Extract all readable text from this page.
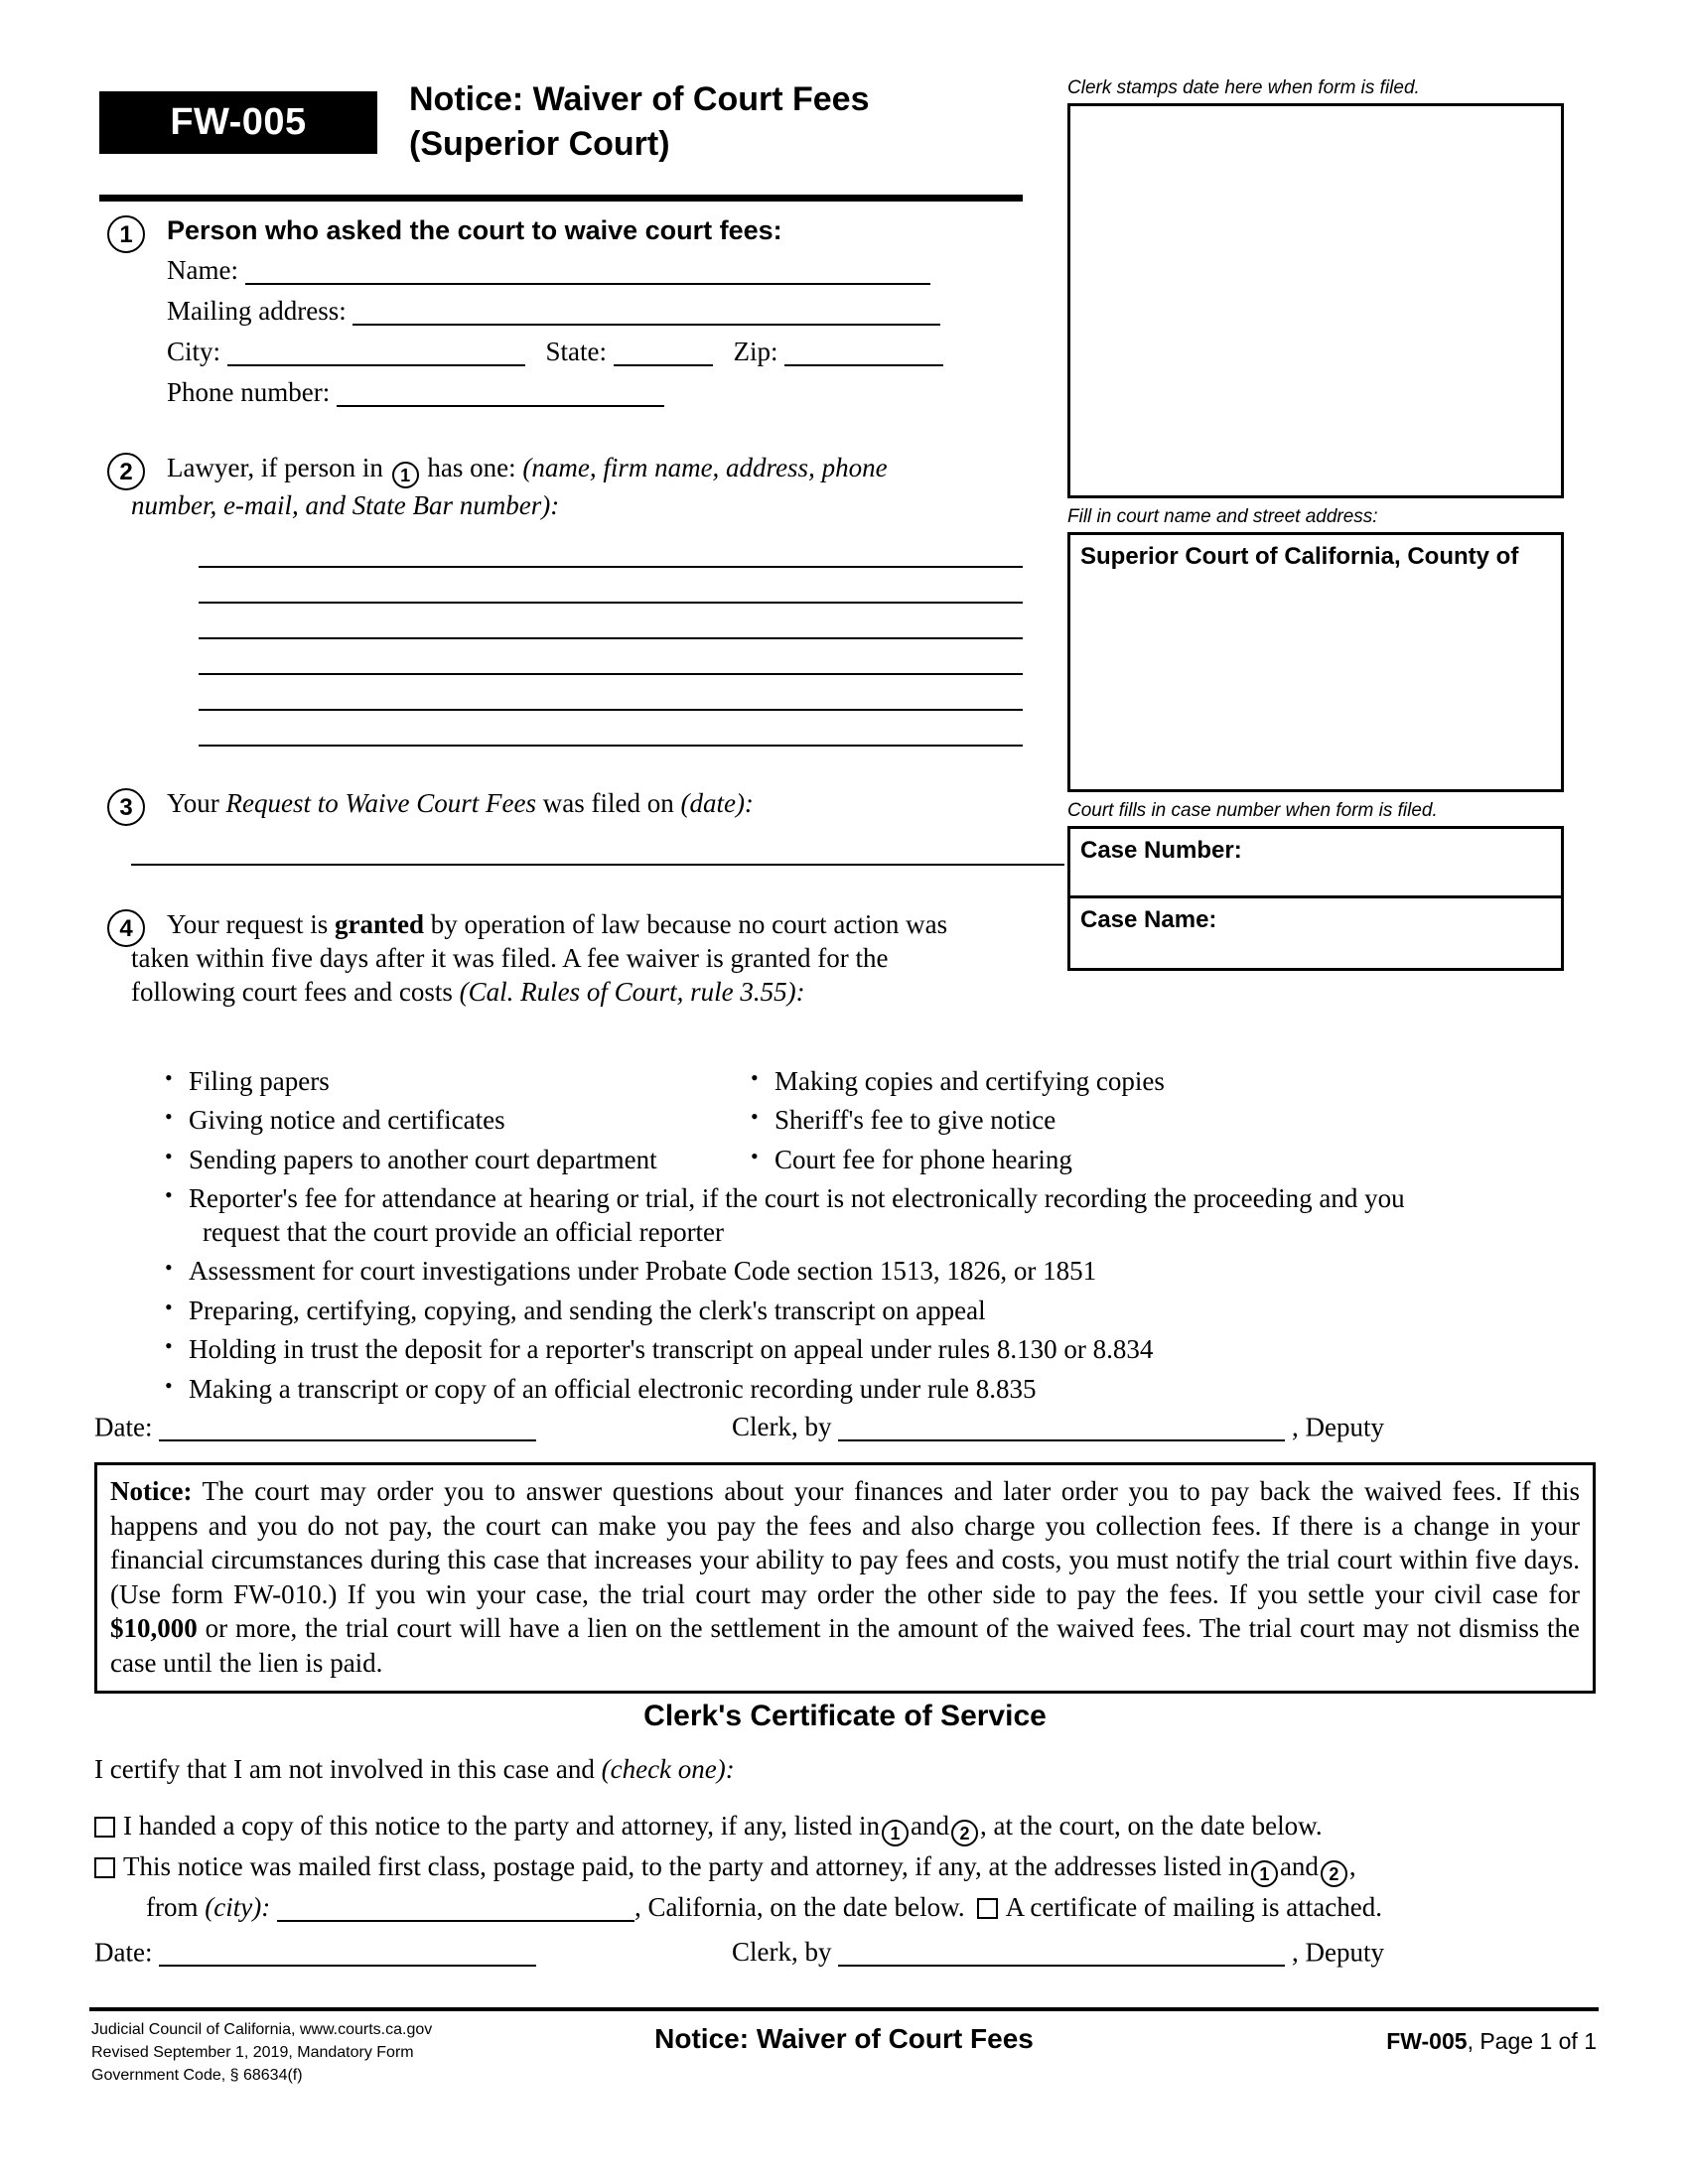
FW-005
Notice: Waiver of Court Fees
(Superior Court)
1	Person who asked the court to waive court fees:
Name:
Mailing address:
City:	State:	Zip:
Phone number:
2	Lawyer, if person in 1 has one: (name, firm name, address, phone
number, e-mail, and State Bar number):
3	Your Request to Waive Court Fees was filed on (date):
4	Your request is granted by operation of law because no court action was
taken within five days after it was filed. A fee waiver is granted for the
following court fees and costs (Cal. Rules of Court, rule 3.55):
Clerk stamps date here when form is filed.
Fill in court name and street address:
Superior Court of California, County of
Court fills in case number when form is filed.
Case Number:
Case Name:
• Filing papers	• Making copies and certifying copies
• Giving notice and certificates	• Sheriff's fee to give notice
• Sending papers to another court department	• Court fee for phone hearing
• Reporter's fee for attendance at hearing or trial, if the court is not electronically recording the proceeding and you
request that the court provide an official reporter
• Assessment for court investigations under Probate Code section 1513, 1826, or 1851
• Preparing, certifying, copying, and sending the clerk's transcript on appeal
• Holding in trust the deposit for a reporter's transcript on appeal under rules 8.130 or 8.834
• Making a transcript or copy of an official electronic recording under rule 8.835
Date:	Clerk, by	, Deputy
Notice: The court may order you to answer questions about your finances and later order you to pay back the waived fees. If this happens and you do not pay, the court can make you pay the fees and also charge you collection fees. If there is a change in your financial circumstances during this case that increases your ability to pay fees and costs, you must notify the trial court within five days. (Use form FW-010.) If you win your case, the trial court may order the other side to pay the fees. If you settle your civil case for $10,000 or more, the trial court will have a lien on the settlement in the amount of the waived fees. The trial court may not dismiss the case until the lien is paid.
Clerk's Certificate of Service
I certify that I am not involved in this case and (check one):
I handed a copy of this notice to the party and attorney, if any, listed in 1 and 2 , at the court, on the date below.
This notice was mailed first class, postage paid, to the party and attorney, if any, at the addresses listed in 1 and 2 ,
from (city):	, California, on the date below. A certificate of mailing is attached.
Date:	Clerk, by	, Deputy
Judicial Council of California, www.courts.ca.gov
Revised September 1, 2019, Mandatory Form
Government Code, § 68634(f)
Notice: Waiver of Court Fees	FW-005, Page 1 of 1
